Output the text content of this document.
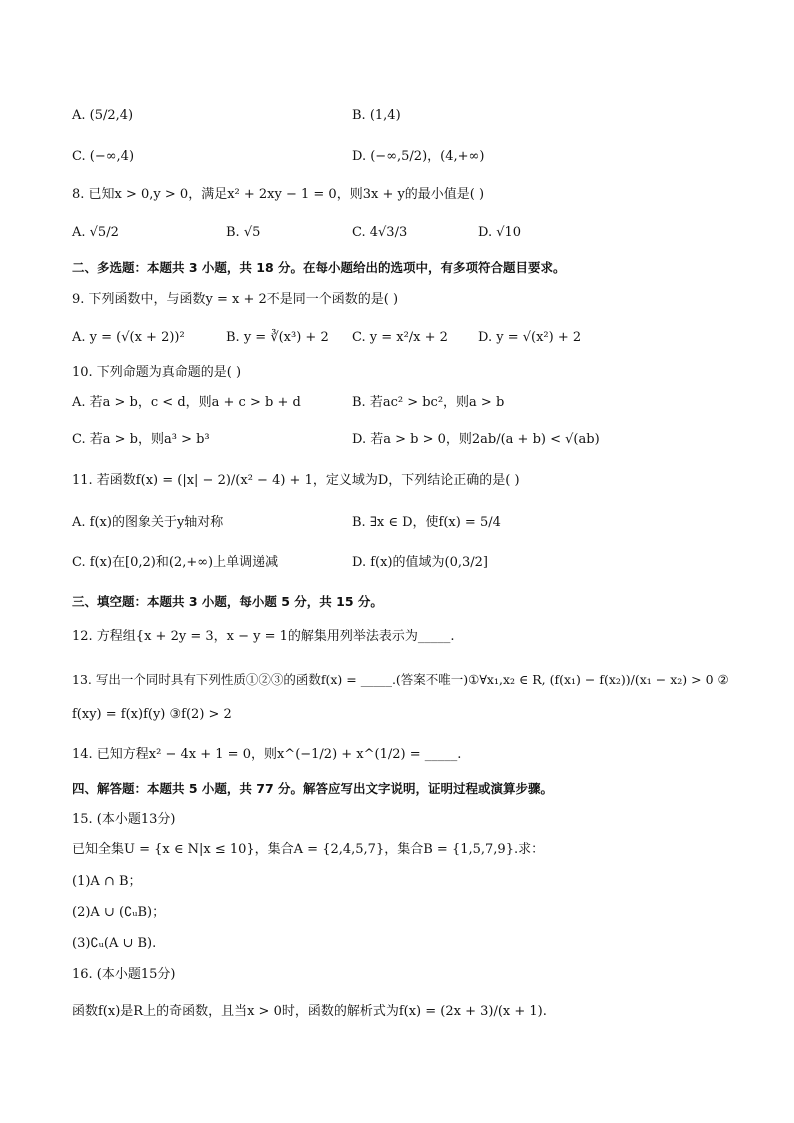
A. (5/2,4)	B. (1,4)
C. (−∞,4)	D. (−∞,5/2)，(4,+∞)
8. 已知x > 0,y > 0，满足x² + 2xy − 1 = 0，则3x + y的最小值是( )
A. √5/2	B. √5	C. 4√3/3	D. √10
二、多选题：本题共 3 小题，共 18 分。在每小题给出的选项中，有多项符合题目要求。
9. 下列函数中，与函数y = x + 2不是同一个函数的是( )
A. y = (√(x + 2))²	B. y = ∛(x³) + 2 C. y = x²/x + 2 D. y = √(x²) + 2
10. 下列命题为真命题的是( )
A. 若a > b，c < d，则a + c > b + d	B. 若ac² > bc²，则a > b
C. 若a > b，则a³ > b³	D. 若a > b > 0，则2ab/(a + b) < √(ab)
11. 若函数f(x) = (|x| − 2)/(x² − 4) + 1，定义域为D，下列结论正确的是( )
A. f(x)的图象关于y轴对称	B. ∃x ∈ D，使f(x) = 5/4
C. f(x)在[0,2)和(2,+∞)上单调递减	D. f(x)的值域为(0,3/2]
三、填空题：本题共 3 小题，每小题 5 分，共 15 分。
12. 方程组{x + 2y = 3，x − y = 1的解集用列举法表示为_____.
13. 写出一个同时具有下列性质①②③的函数f(x) = _____.(答案不唯一)①∀x₁,x₂ ∈ R, (f(x₁) − f(x₂))/(x₁ − x₂) > 0 ②
f(xy) = f(x)f(y) ③f(2) > 2
14. 已知方程x² − 4x + 1 = 0，则x^(−1/2) + x^(1/2) = _____.
四、解答题：本题共 5 小题，共 77 分。解答应写出文字说明，证明过程或演算步骤。
15. (本小题13分)
已知全集U = {x ∈ N|x ≤ 10}，集合A = {2,4,5,7}，集合B = {1,5,7,9}.求：
(1)A ∩ B；
(2)A ∪ (∁ᵤB)；
(3)∁ᵤ(A ∪ B).
16. (本小题15分)
函数f(x)是R上的奇函数，且当x > 0时，函数的解析式为f(x) = (2x + 3)/(x + 1).
